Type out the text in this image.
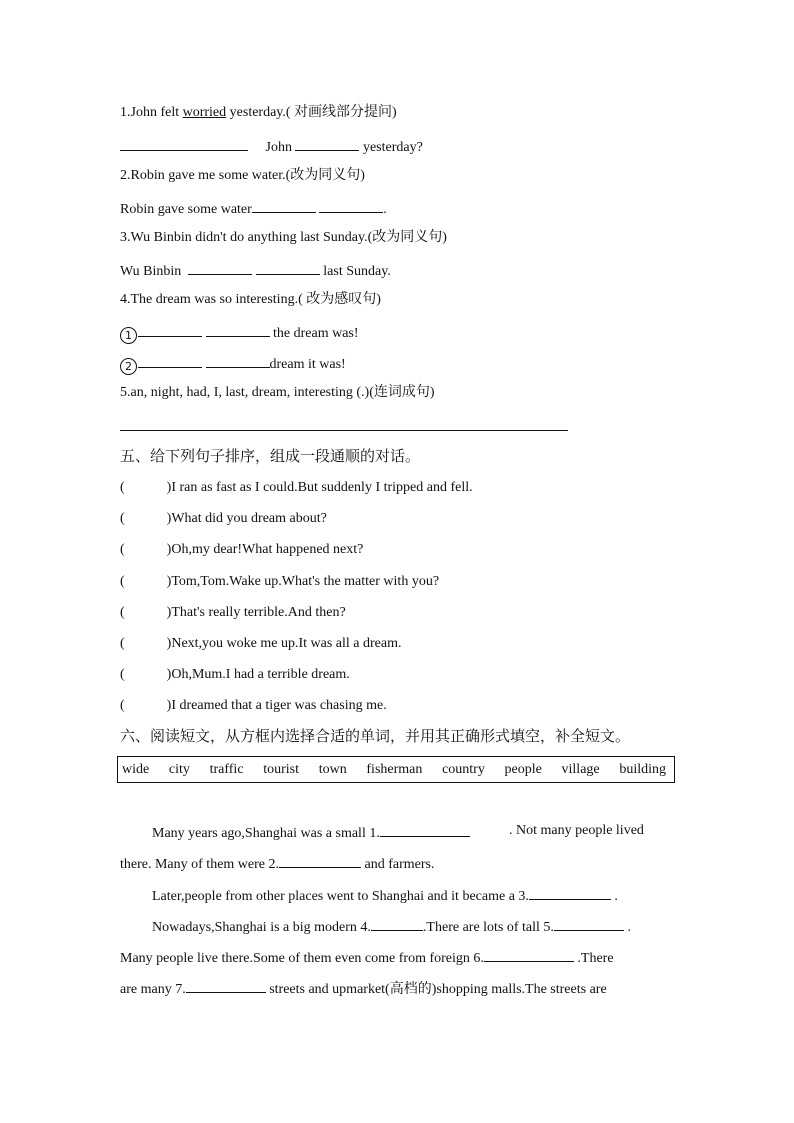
1.John felt worried yesterday.( 对画线部分提问)
John	yesterday?
2.Robin gave me some water.(改为同义句)
Robin gave some water	.
3.Wu Binbin didn't do anything last Sunday.(改为同义句)
Wu Binbin	last Sunday.
4.The dream was so interesting.( 改为感叹句)
1	the dream was!
2	dream it was!
5.an, night, had, I, last, dream, interesting (.)(连词成句)
五、给下列句子排序，组成一段通顺的对话。
(            )I ran as fast as I could.But suddenly I tripped and fell.
(            )What did you dream about?
(            )Oh,my dear!What happened next?
(            )Tom,Tom.Wake up.What's the matter with you?
(            )That's really terrible.And then?
(            )Next,you woke me up.It was all a dream.
(            )Oh,Mum.I had a terrible dream.
(            )I dreamed that a tiger was chasing me.
六、阅读短文，从方框内选择合适的单词，并用其正确形式填空，补全短文。
wide city traffic tourist town fisherman country people village building
Many years ago,Shanghai was a small 1.	. Not many people lived
there. Many of them were 2.	and farmers.
Later,people from other places went to Shanghai and it became a 3.	.
Nowadays,Shanghai is a big modern 4.	.There are lots of tall 5.	.
Many people live there.Some of them even come from foreign 6.	.There
are many 7.	streets and upmarket(高档的)shopping malls.The streets are
